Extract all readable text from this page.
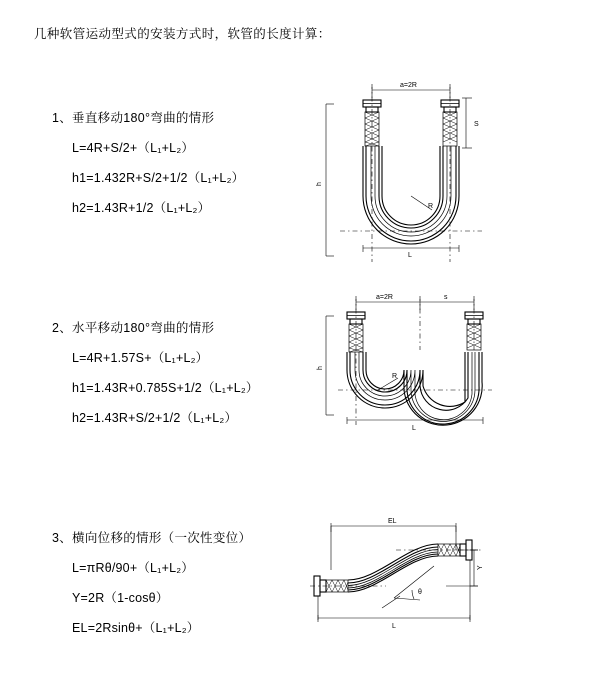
几种软管运动型式的安装方式时，软管的长度计算：
1、垂直移动180°弯曲的情形
L=4R+S/2+（L₁+L₂）
h1=1.432R+S/2+1/2（L₁+L₂）
h2=1.43R+1/2（L₁+L₂）
h
a=2R
S
R
L
2、水平移动180°弯曲的情形
L=4R+1.57S+（L₁+L₂）
h1=1.43R+0.785S+1/2（L₁+L₂）
h2=1.43R+S/2+1/2（L₁+L₂）
h
a=2R	s
R
L
3、横向位移的情形（一次性变位）
L=πRθ/90+（L₁+L₂）
Y=2R（1-cosθ）
EL=2Rsinθ+（L₁+L₂）
EL
Y
θ
L
